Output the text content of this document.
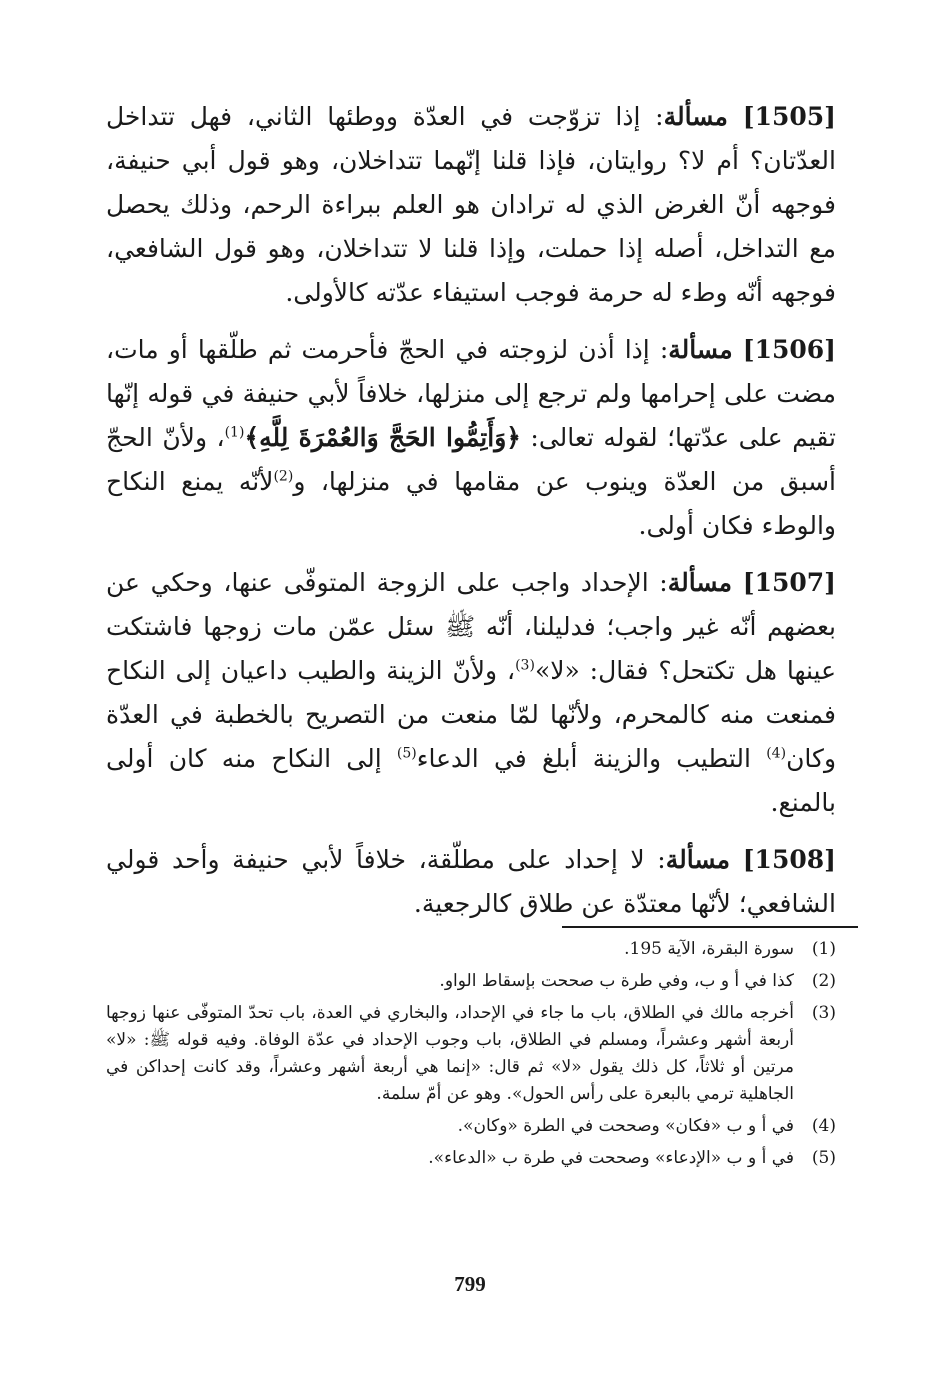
[1505] مسألة: إذا تزوّجت في العدّة ووطئها الثاني، فهل تتداخل العدّتان؟ أم لا؟ روايتان، فإذا قلنا إنّهما تتداخلان، وهو قول أبي حنيفة، فوجهه أنّ الغرض الذي له ترادان هو العلم ببراءة الرحم، وذلك يحصل مع التداخل، أصله إذا حملت، وإذا قلنا لا تتداخلان، وهو قول الشافعي، فوجهه أنّه وطء له حرمة فوجب استيفاء عدّته كالأولى.

[1506] مسألة: إذا أذن لزوجته في الحجّ فأحرمت ثم طلّقها أو مات، مضت على إحرامها ولم ترجع إلى منزلها، خلافاً لأبي حنيفة في قوله إنّها تقيم على عدّتها؛ لقوله تعالى: ﴿وَأَتِمُّوا الحَجَّ وَالعُمْرَةَ لِلَّهِ﴾$^{(1)}$، ولأنّ الحجّ أسبق من العدّة وينوب عن مقامها في منزلها، و$^{(2)}$لأنّه يمنع النكاح والوطء فكان أولى.

[1507] مسألة: الإحداد واجب على الزوجة المتوفّى عنها، وحكي عن بعضهم أنّه غير واجب؛ فدليلنا، أنّه ﷺ سئل عمّن مات زوجها فاشتكت عينها هل تكتحل؟ فقال: «لا»$^{(3)}$، ولأنّ الزينة والطيب داعيان إلى النكاح فمنعت منه كالمحرم، ولأنّها لمّا منعت من التصريح بالخطبة في العدّة وكان$^{(4)}$ التطيب والزينة أبلغ في الدعاء$^{(5)}$ إلى النكاح منه كان أولى بالمنع.

[1508] مسألة: لا إحداد على مطلّقة، خلافاً لأبي حنيفة وأحد قولي الشافعي؛ لأنّها معتدّة عن طلاق كالرجعية.

(1)
سورة البقرة، الآية 195.
(2)
كذا في أ و ب، وفي طرة ب صححت بإسقاط الواو.
(3)
أخرجه مالك في الطلاق، باب ما جاء في الإحداد، والبخاري في العدة، باب تحدّ المتوفّى عنها زوجها أربعة أشهر وعشراً، ومسلم في الطلاق، باب وجوب الإحداد في عدّة الوفاة. وفيه قوله ﷺ: «لا» مرتين أو ثلاثاً، كل ذلك يقول «لا» ثم قال: «إنما هي أربعة أشهر وعشراً، وقد كانت إحداكن في الجاهلية ترمي بالبعرة على رأس الحول». وهو عن أمّ سلمة.
(4)
في أ و ب «فكان» وصححت في الطرة «وكان».
(5)
في أ و ب «الإدعاء» وصححت في طرة ب «الدعاء».
799
